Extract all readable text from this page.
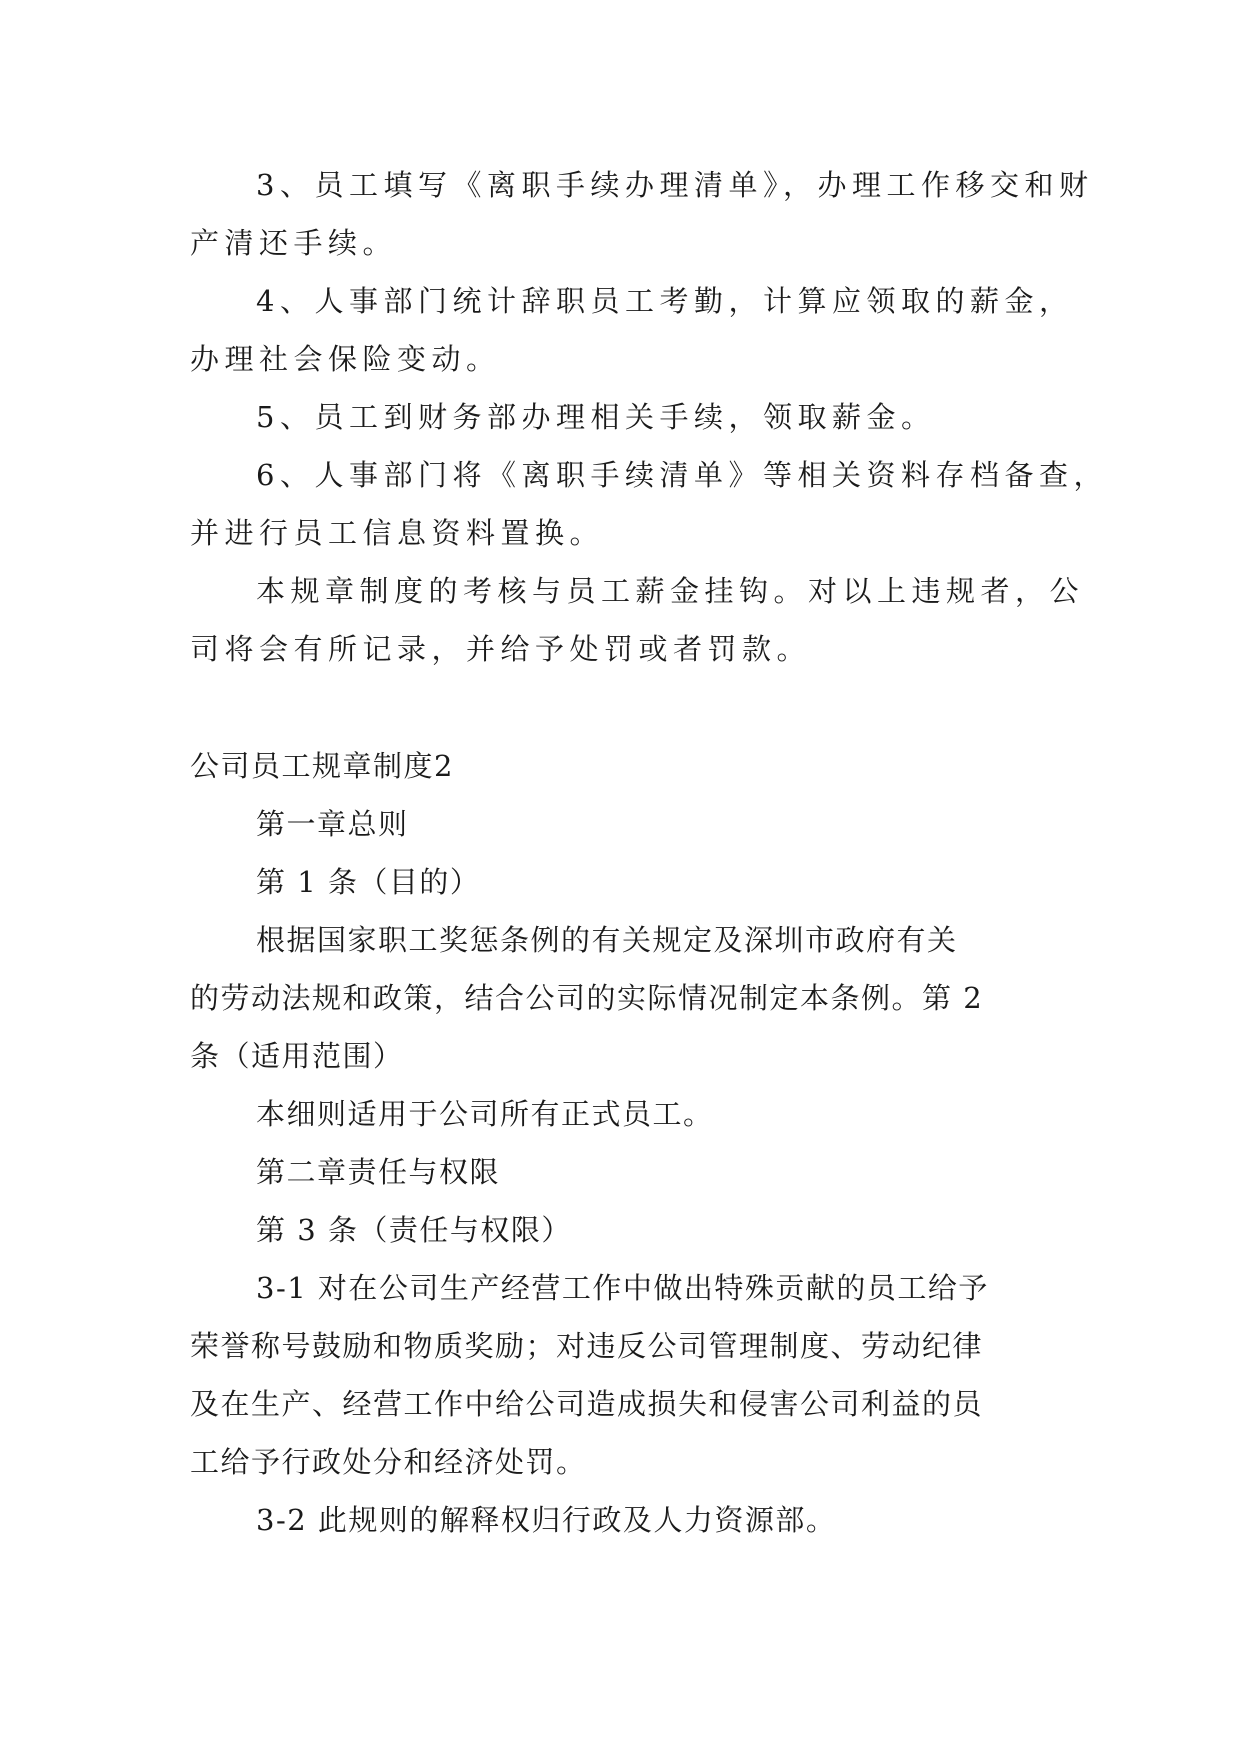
3、员工填写《离职手续办理清单》，办理工作移交和财
产清还手续。
4、人事部门统计辞职员工考勤，计算应领取的薪金，
办理社会保险变动。
5、员工到财务部办理相关手续，领取薪金。
6、人事部门将《离职手续清单》等相关资料存档备查，
并进行员工信息资料置换。
本规章制度的考核与员工薪金挂钩。对以上违规者，公
司将会有所记录，并给予处罚或者罚款。
公司员工规章制度2
第一章总则
第 1 条（目的）
根据国家职工奖惩条例的有关规定及深圳市政府有关
的劳动法规和政策，结合公司的实际情况制定本条例。第 2
条（适用范围）
本细则适用于公司所有正式员工。
第二章责任与权限
第 3 条（责任与权限）
3-1 对在公司生产经营工作中做出特殊贡献的员工给予
荣誉称号鼓励和物质奖励；对违反公司管理制度、劳动纪律
及在生产、经营工作中给公司造成损失和侵害公司利益的员
工给予行政处分和经济处罚。
3-2 此规则的解释权归行政及人力资源部。
